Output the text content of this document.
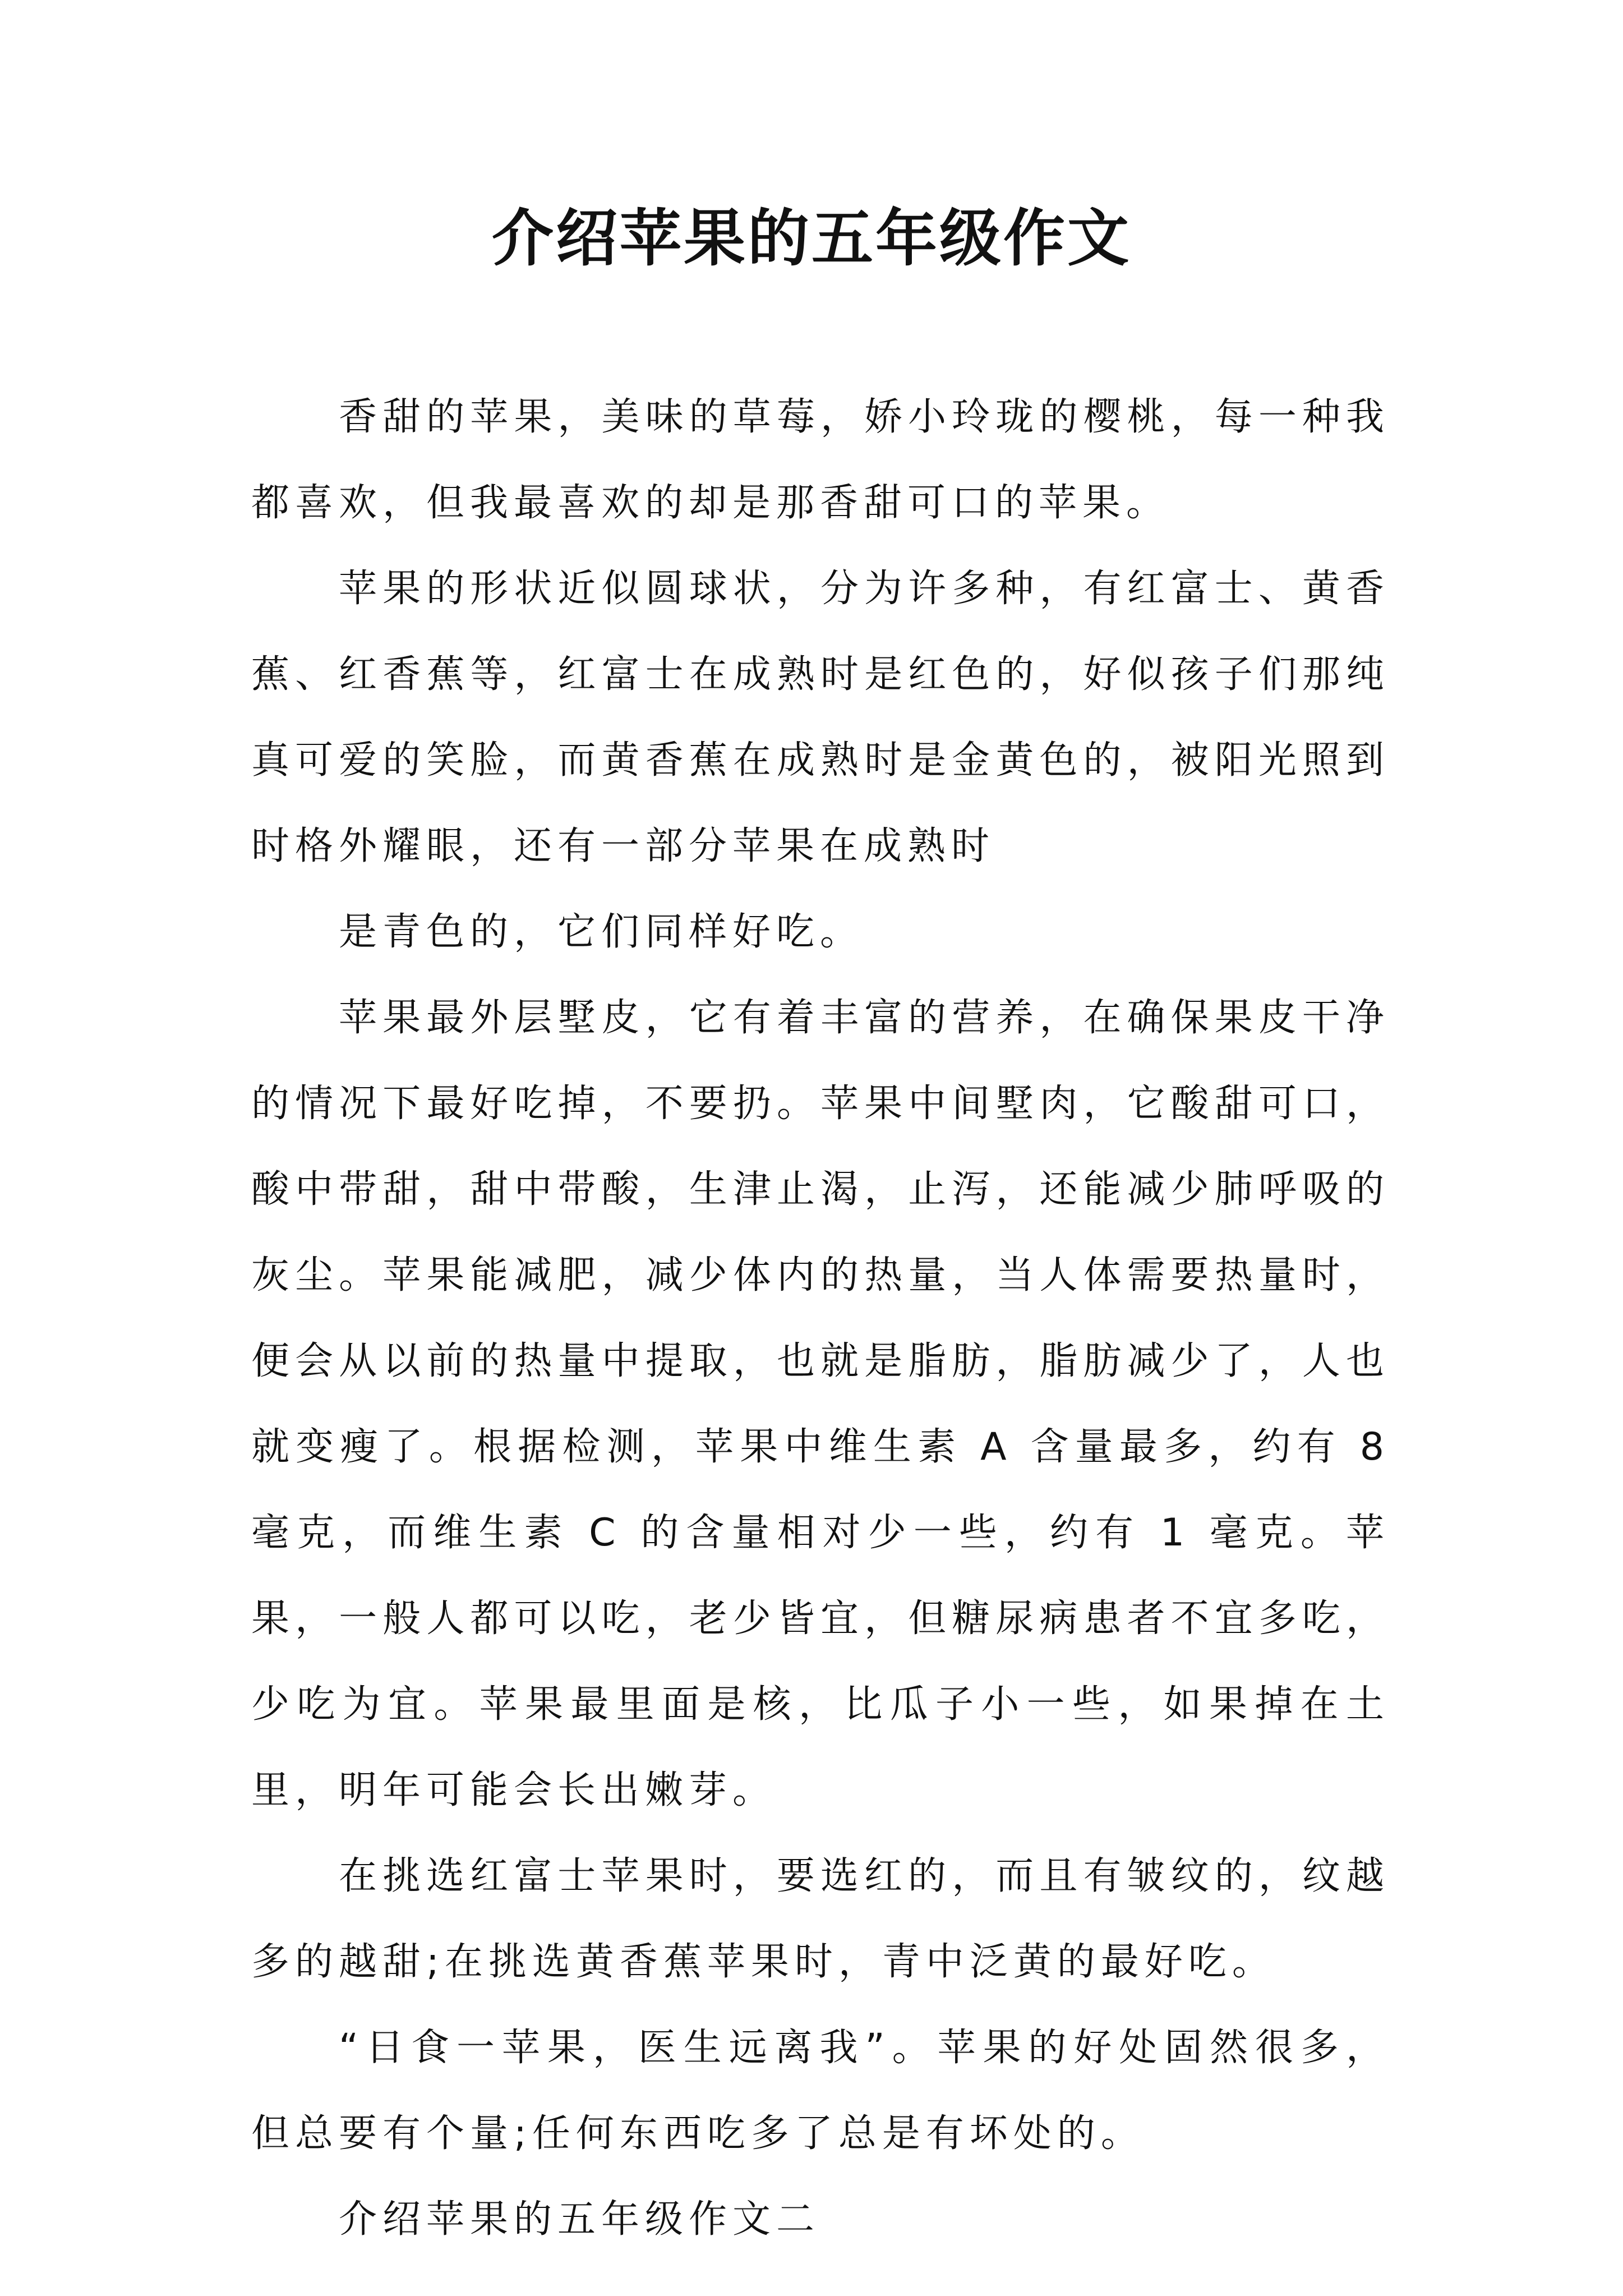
介绍苹果的五年级作文

香甜的苹果，美味的草莓，娇小玲珑的樱桃，每一种我都喜欢，但我最喜欢的却是那香甜可口的苹果。

苹果的形状近似圆球状，分为许多种，有红富士、黄香蕉、红香蕉等，红富士在成熟时是红色的，好似孩子们那纯真可爱的笑脸，而黄香蕉在成熟时是金黄色的，被阳光照到时格外耀眼，还有一部分苹果在成熟时

是青色的，它们同样好吃。

苹果最外层墅皮，它有着丰富的营养，在确保果皮干净的情况下最好吃掉，不要扔。苹果中间墅肉，它酸甜可口，酸中带甜，甜中带酸，生津止渴，止泻，还能减少肺呼吸的灰尘。苹果能减肥，减少体内的热量，当人体需要热量时，便会从以前的热量中提取，也就是脂肪，脂肪减少了，人也就变瘦了。根据检测，苹果中维生素 A 含量最多，约有 8 毫克，而维生素 C 的含量相对少一些，约有 1 毫克。苹果，一般人都可以吃，老少皆宜，但糖尿病患者不宜多吃，少吃为宜。苹果最里面是核，比瓜子小一些，如果掉在土里，明年可能会长出嫩芽。

在挑选红富士苹果时，要选红的，而且有皱纹的，纹越多的越甜;在挑选黄香蕉苹果时，青中泛黄的最好吃。

“日食一苹果，医生远离我”。苹果的好处固然很多，但总要有个量;任何东西吃多了总是有坏处的。

介绍苹果的五年级作文二
